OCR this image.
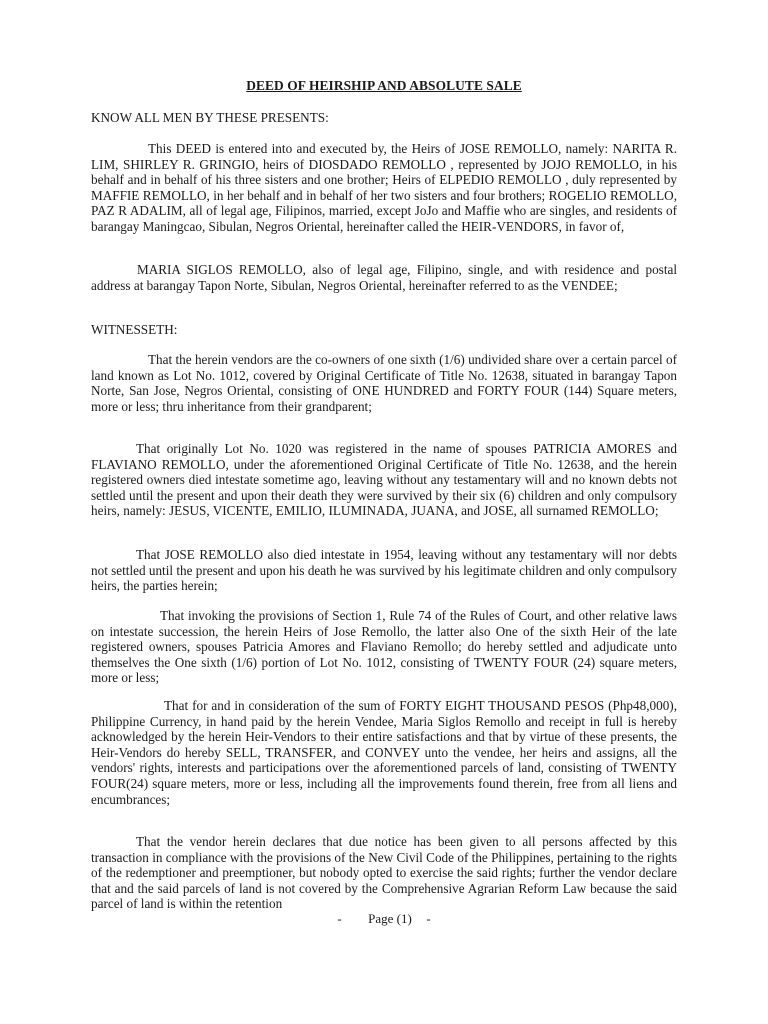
DEED OF HEIRSHIP AND ABSOLUTE SALE
KNOW ALL MEN BY THESE PRESENTS:
This DEED is entered into and executed by, the Heirs of JOSE REMOLLO, namely: NARITA R. LIM, SHIRLEY R. GRINGIO, heirs of DIOSDADO REMOLLO , represented by JOJO REMOLLO, in his behalf and in behalf of his three sisters and one brother; Heirs of ELPEDIO REMOLLO , duly represented by MAFFIE REMOLLO, in her behalf and in behalf of her two sisters and four brothers; ROGELIO REMOLLO, PAZ R ADALIM, all of legal age, Filipinos, married, except JoJo and Maffie who are singles, and residents of barangay Maningcao, Sibulan, Negros Oriental, hereinafter called the HEIR-VENDORS, in favor of,
MARIA SIGLOS REMOLLO, also of legal age, Filipino, single, and with residence and postal address at barangay Tapon Norte, Sibulan, Negros Oriental, hereinafter referred to as the VENDEE;
WITNESSETH:
That the herein vendors are the co-owners of one sixth (1/6) undivided share over a certain parcel of land known as Lot No. 1012, covered by Original Certificate of Title No. 12638, situated in barangay Tapon Norte, San Jose, Negros Oriental, consisting of ONE HUNDRED and FORTY FOUR (144) Square meters, more or less; thru inheritance from their grandparent;
That originally Lot No. 1020 was registered in the name of spouses PATRICIA AMORES and FLAVIANO REMOLLO, under the aforementioned Original Certificate of Title No. 12638, and the herein registered owners died intestate sometime ago, leaving without any testamentary will and no known debts not settled until the present and upon their death they were survived by their six (6) children and only compulsory heirs, namely: JESUS, VICENTE, EMILIO, ILUMINADA, JUANA, and JOSE, all surnamed REMOLLO;
That JOSE REMOLLO also died intestate in 1954, leaving without any testamentary will nor debts not settled until the present and upon his death he was survived by his legitimate children and only compulsory heirs, the parties herein;
That invoking the provisions of Section 1, Rule 74 of the Rules of Court, and other relative laws on intestate succession, the herein Heirs of Jose Remollo, the latter also One of the sixth Heir of the late registered owners, spouses Patricia Amores and Flaviano Remollo; do hereby settled and adjudicate unto themselves the One sixth (1/6) portion of Lot No. 1012, consisting of TWENTY FOUR (24) square meters, more or less;
That for and in consideration of the sum of FORTY EIGHT THOUSAND PESOS (Php48,000), Philippine Currency, in hand paid by the herein Vendee, Maria Siglos Remollo and receipt in full is hereby acknowledged by the herein Heir-Vendors to their entire satisfactions and that by virtue of these presents, the Heir-Vendors do hereby SELL, TRANSFER, and CONVEY unto the vendee, her heirs and assigns, all the vendors' rights, interests and participations over the aforementioned parcels of land, consisting of TWENTY FOUR(24) square meters, more or less, including all the improvements found therein, free from all liens and encumbrances;
That the vendor herein declares that due notice has been given to all persons affected by this transaction in compliance with the provisions of the New Civil Code of the Philippines, pertaining to the rights of the redemptioner and preemptioner, but nobody opted to exercise the said rights; further the vendor declare that and the said parcels of land is not covered by the Comprehensive Agrarian Reform Law because the said parcel of land is within the retention
- Page (1) -
